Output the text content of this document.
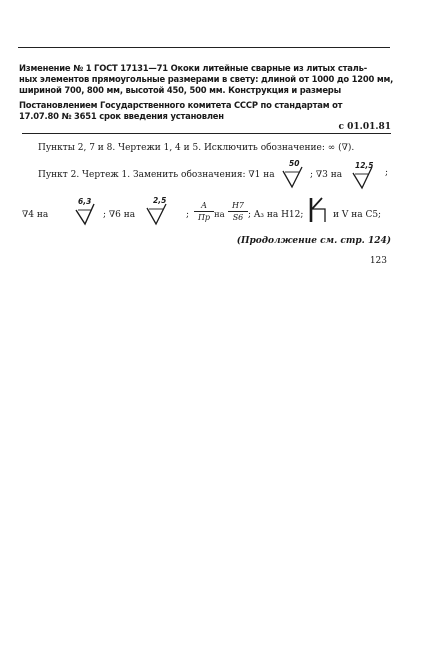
Изменение № 1 ГОСТ 17131—71 Ококи литейные сварные из литых сталь-
ных элементов прямоугольные размерами в свету: длиной от 1000 до 1200 мм,
шириной 700, 800 мм, высотой 450, 500 мм. Конструкция и размеры
Постановлением Государственного комитета СССР по стандартам от
17.07.80 № 3651 срок введения установлен
с 01.01.81
Пункты 2, 7 и 8. Чертежи 1, 4 и 5. Исключить обозначение: ∞ (∇).
Пункт 2. Чертеж 1. Заменить обозначения: ∇1 на
50
; ∇3 на
12,5
;
∇4 на
6,3
; ∇6 на
2,5
;
A
Пр на
H7
S6 ; A₃ на H12;	и V на C5;
(Продолжение см. стр. 124)
123
